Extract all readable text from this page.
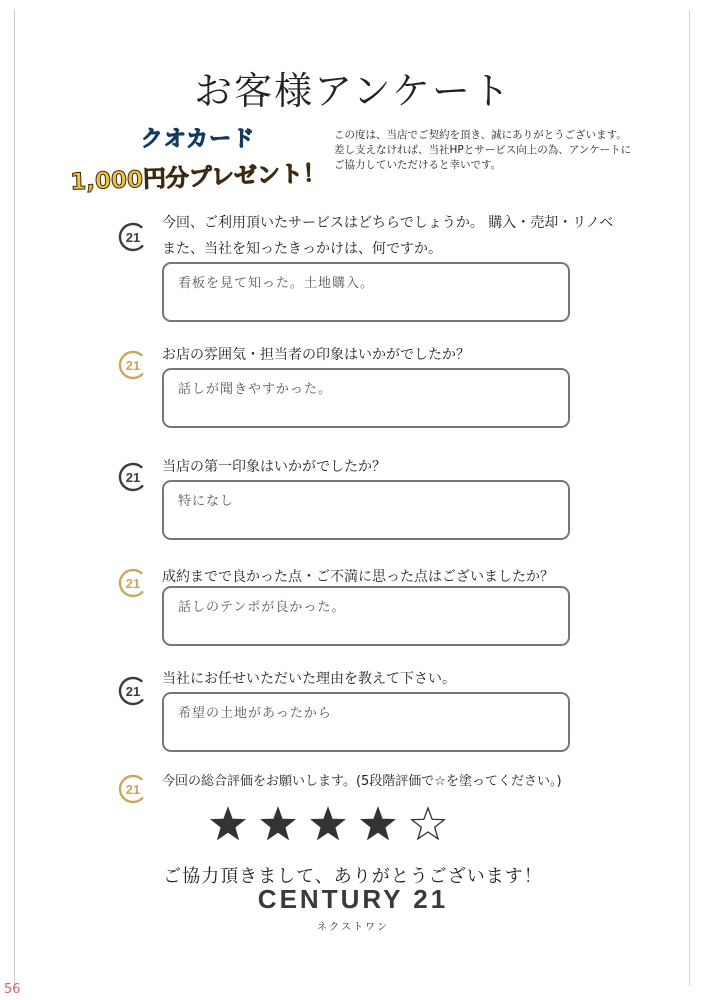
お客様アンケート
クオカード
1,000円分プレゼント！
この度は、当店でご契約を頂き、誠にありがとうございます。
差し支えなければ、当社HPとサービス向上の為、アンケートに
ご協力していただけると幸いです。
21
今回、ご利用頂いたサービスはどちらでしょうか。 購入・売却・リノベ
また、当社を知ったきっかけは、何ですか。
看板を見て知った。土地購入。
21
お店の雰囲気・担当者の印象はいかがでしたか？
話しが聞きやすかった。
21
当店の第一印象はいかがでしたか？
特になし
21 成約までで良かった点・ご不満に思った点はございましたか？
話しのテンポが良かった。
21
当社にお任せいただいた理由を教えて下さい。
希望の土地があったから
21
今回の総合評価をお願いします。(5段階評価で☆を塗ってください。)
ご協力頂きまして、ありがとうございます！
CENTURY 21
ネクストワン
56
